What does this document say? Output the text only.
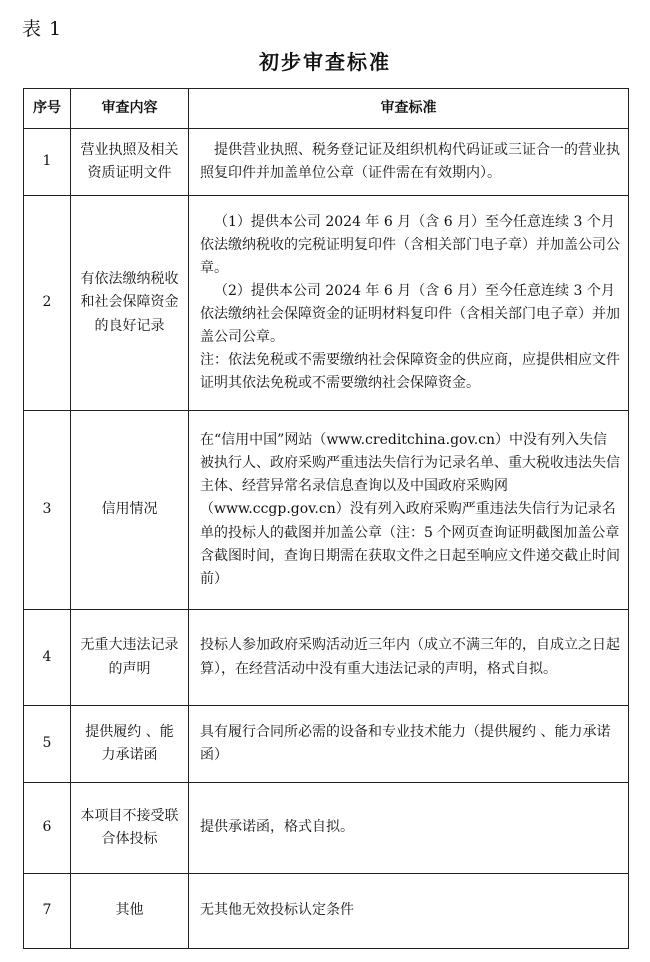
表 1
初步审查标准
序号	审查内容	审查标准
1	营业执照及相关资质证明文件	提供营业执照、税务登记证及组织机构代码证或三证合一的营业执照复印件并加盖单位公章（证件需在有效期内）。

2	有依法缴纳税收和社会保障资金的良好记录	（1）提供本公司 2024 年 6 月（含 6 月）至今任意连续 3 个月依法缴纳税收的完税证明复印件（含相关部门电子章）并加盖公司公章。
（2）提供本公司 2024 年 6 月（含 6 月）至今任意连续 3 个月依法缴纳社会保障资金的证明材料复印件（含相关部门电子章）并加盖公司公章。
注：依法免税或不需要缴纳社会保障资金的供应商，应提供相应文件证明其依法免税或不需要缴纳社会保障资金。

3	信用情况	在“信用中国”网站（www.creditchina.gov.cn）中没有列入失信被执行人、政府采购严重违法失信行为记录名单、重大税收违法失信主体、经营异常名录信息查询以及中国政府采购网（www.ccgp.gov.cn）没有列入政府采购严重违法失信行为记录名单的投标人的截图并加盖公章（注：5 个网页查询证明截图加盖公章含截图时间，查询日期需在获取文件之日起至响应文件递交截止时间前）

4	无重大违法记录的声明	投标人参加政府采购活动近三年内（成立不满三年的，自成立之日起算），在经营活动中没有重大违法记录的声明，格式自拟。

5	提供履约 、能力承诺函	具有履行合同所必需的设备和专业技术能力（提供履约 、能力承诺函）

6	本项目不接受联合体投标	提供承诺函，格式自拟。

7	其他	无其他无效投标认定条件
